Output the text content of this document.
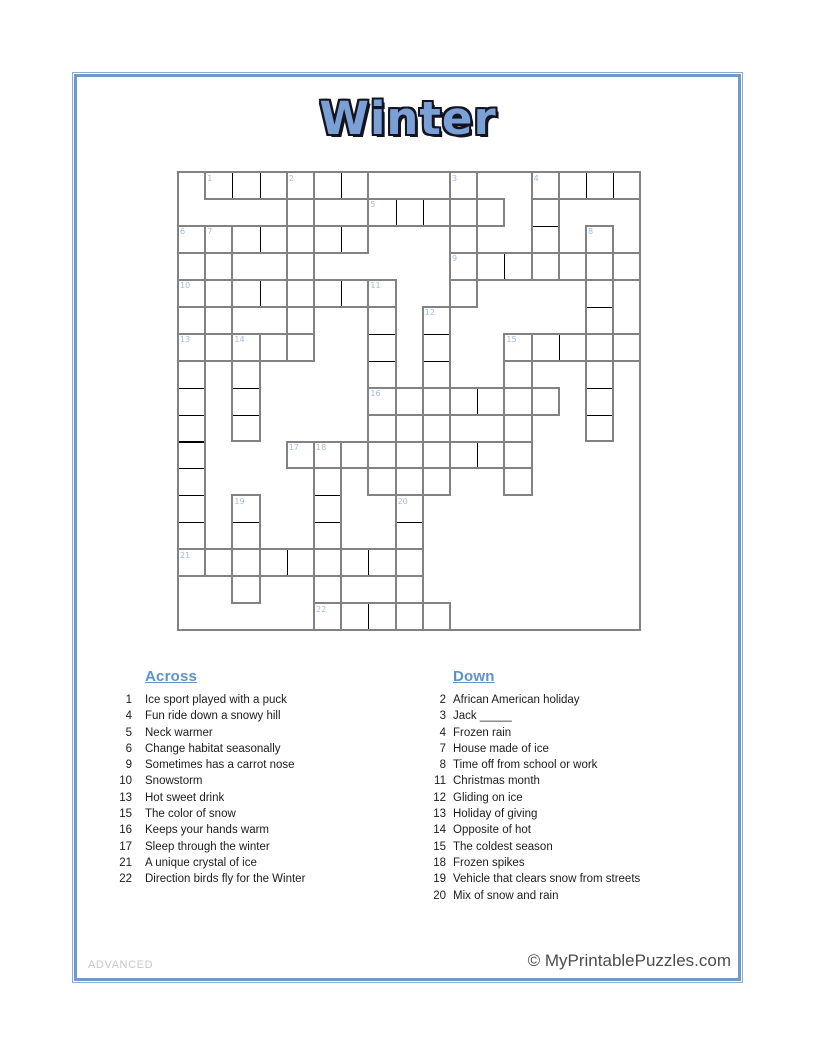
Winter
1	4
5
6
9
10
13	15
16
17
21
22
2	3
7	8
11
12
14
18
19	20
Across
1 Ice sport played with a puck
4 Fun ride down a snowy hill
5 Neck warmer
6 Change habitat seasonally
9 Sometimes has a carrot nose
10 Snowstorm
13 Hot sweet drink
15 The color of snow
16 Keeps your hands warm
17 Sleep through the winter
21 A unique crystal of ice
22 Direction birds fly for the Winter
Down
2 African American holiday
3 Jack _____
4 Frozen rain
7 House made of ice
8 Time off from school or work
11 Christmas month
12 Gliding on ice
13 Holiday of giving
14 Opposite of hot
15 The coldest season
18 Frozen spikes
19 Vehicle that clears snow from streets
20 Mix of snow and rain
ADVANCED	© MyPrintablePuzzles.com
